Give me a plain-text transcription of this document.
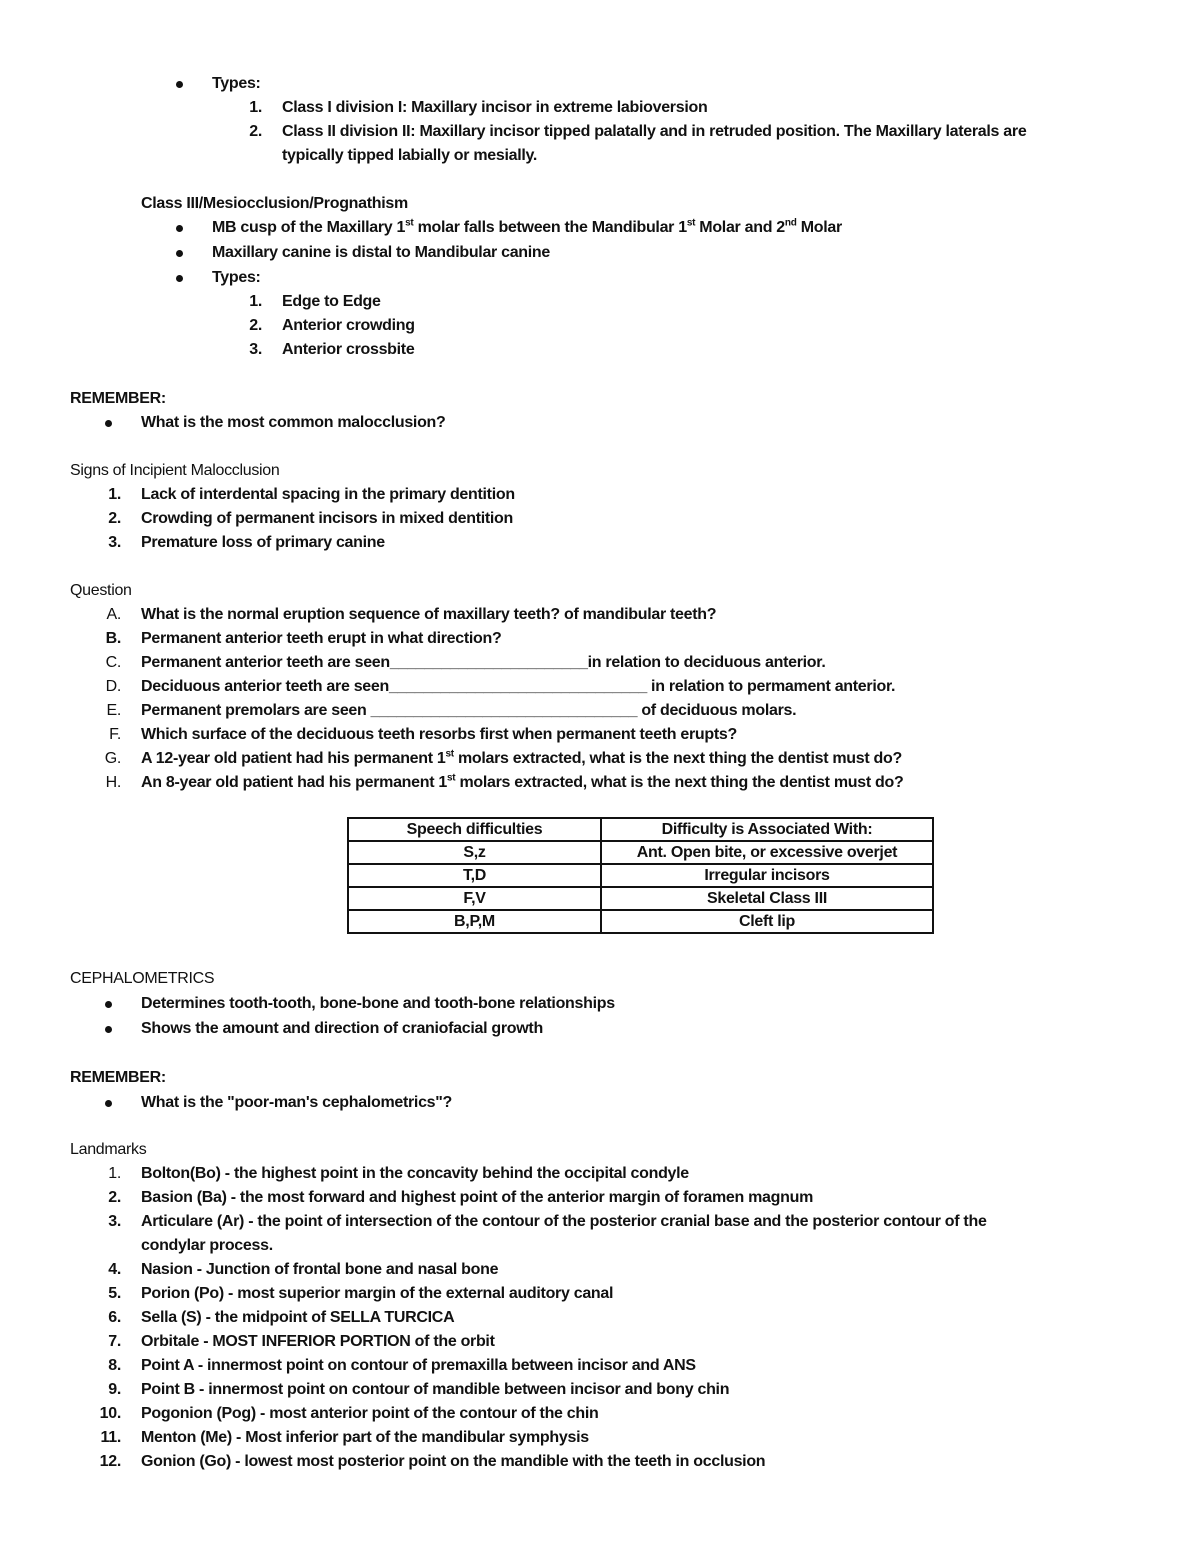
Types:
1. Class I division I: Maxillary incisor in extreme labioversion
2. Class II division II: Maxillary incisor tipped palatally and in retruded position. The Maxillary laterals are
typically tipped labially or mesially.
Class III/Mesiocclusion/Prognathism
MB cusp of the Maxillary 1st molar falls between the Mandibular 1st Molar and 2nd Molar
Maxillary canine is distal to Mandibular canine
Types:
1. Edge to Edge
2. Anterior crowding
3. Anterior crossbite
REMEMBER:
What is the most common malocclusion?
Signs of Incipient Malocclusion
1. Lack of interdental spacing in the primary dentition
2. Crowding of permanent incisors in mixed dentition
3. Premature loss of primary canine
Question
A. What is the normal eruption sequence of maxillary teeth? of mandibular teeth?
B. Permanent anterior teeth erupt in what direction?
C. Permanent anterior teeth are seen_______________________in relation to deciduous anterior.
D. Deciduous anterior teeth are seen______________________________ in relation to permament anterior.
E. Permanent premolars are seen _______________________________ of deciduous molars.
F. Which surface of the deciduous teeth resorbs first when permanent teeth erupts?
G. A 12-year old patient had his permanent 1st molars extracted, what is the next thing the dentist must do?
H. An 8-year old patient had his permanent 1st molars extracted, what is the next thing the dentist must do?
Speech difficulties	Difficulty is Associated With:
S,z	Ant. Open bite, or excessive overjet
T,D	Irregular incisors
F,V	Skeletal Class III
B,P,M	Cleft lip
CEPHALOMETRICS
Determines tooth-tooth, bone-bone and tooth-bone relationships
Shows the amount and direction of craniofacial growth
REMEMBER:
What is the "poor-man's cephalometrics"?
Landmarks
1. Bolton(Bo) - the highest point in the concavity behind the occipital condyle
2. Basion (Ba) - the most forward and highest point of the anterior margin of foramen magnum
3. Articulare (Ar) - the point of intersection of the contour of the posterior cranial base and the posterior contour of the
condylar process.
4. Nasion - Junction of frontal bone and nasal bone
5. Porion (Po) - most superior margin of the external auditory canal
6. Sella (S) - the midpoint of SELLA TURCICA
7. Orbitale - MOST INFERIOR PORTION of the orbit
8. Point A - innermost point on contour of premaxilla between incisor and ANS
9. Point B - innermost point on contour of mandible between incisor and bony chin
10. Pogonion (Pog) - most anterior point of the contour of the chin
11. Menton (Me) - Most inferior part of the mandibular symphysis
12. Gonion (Go) - lowest most posterior point on the mandible with the teeth in occlusion
